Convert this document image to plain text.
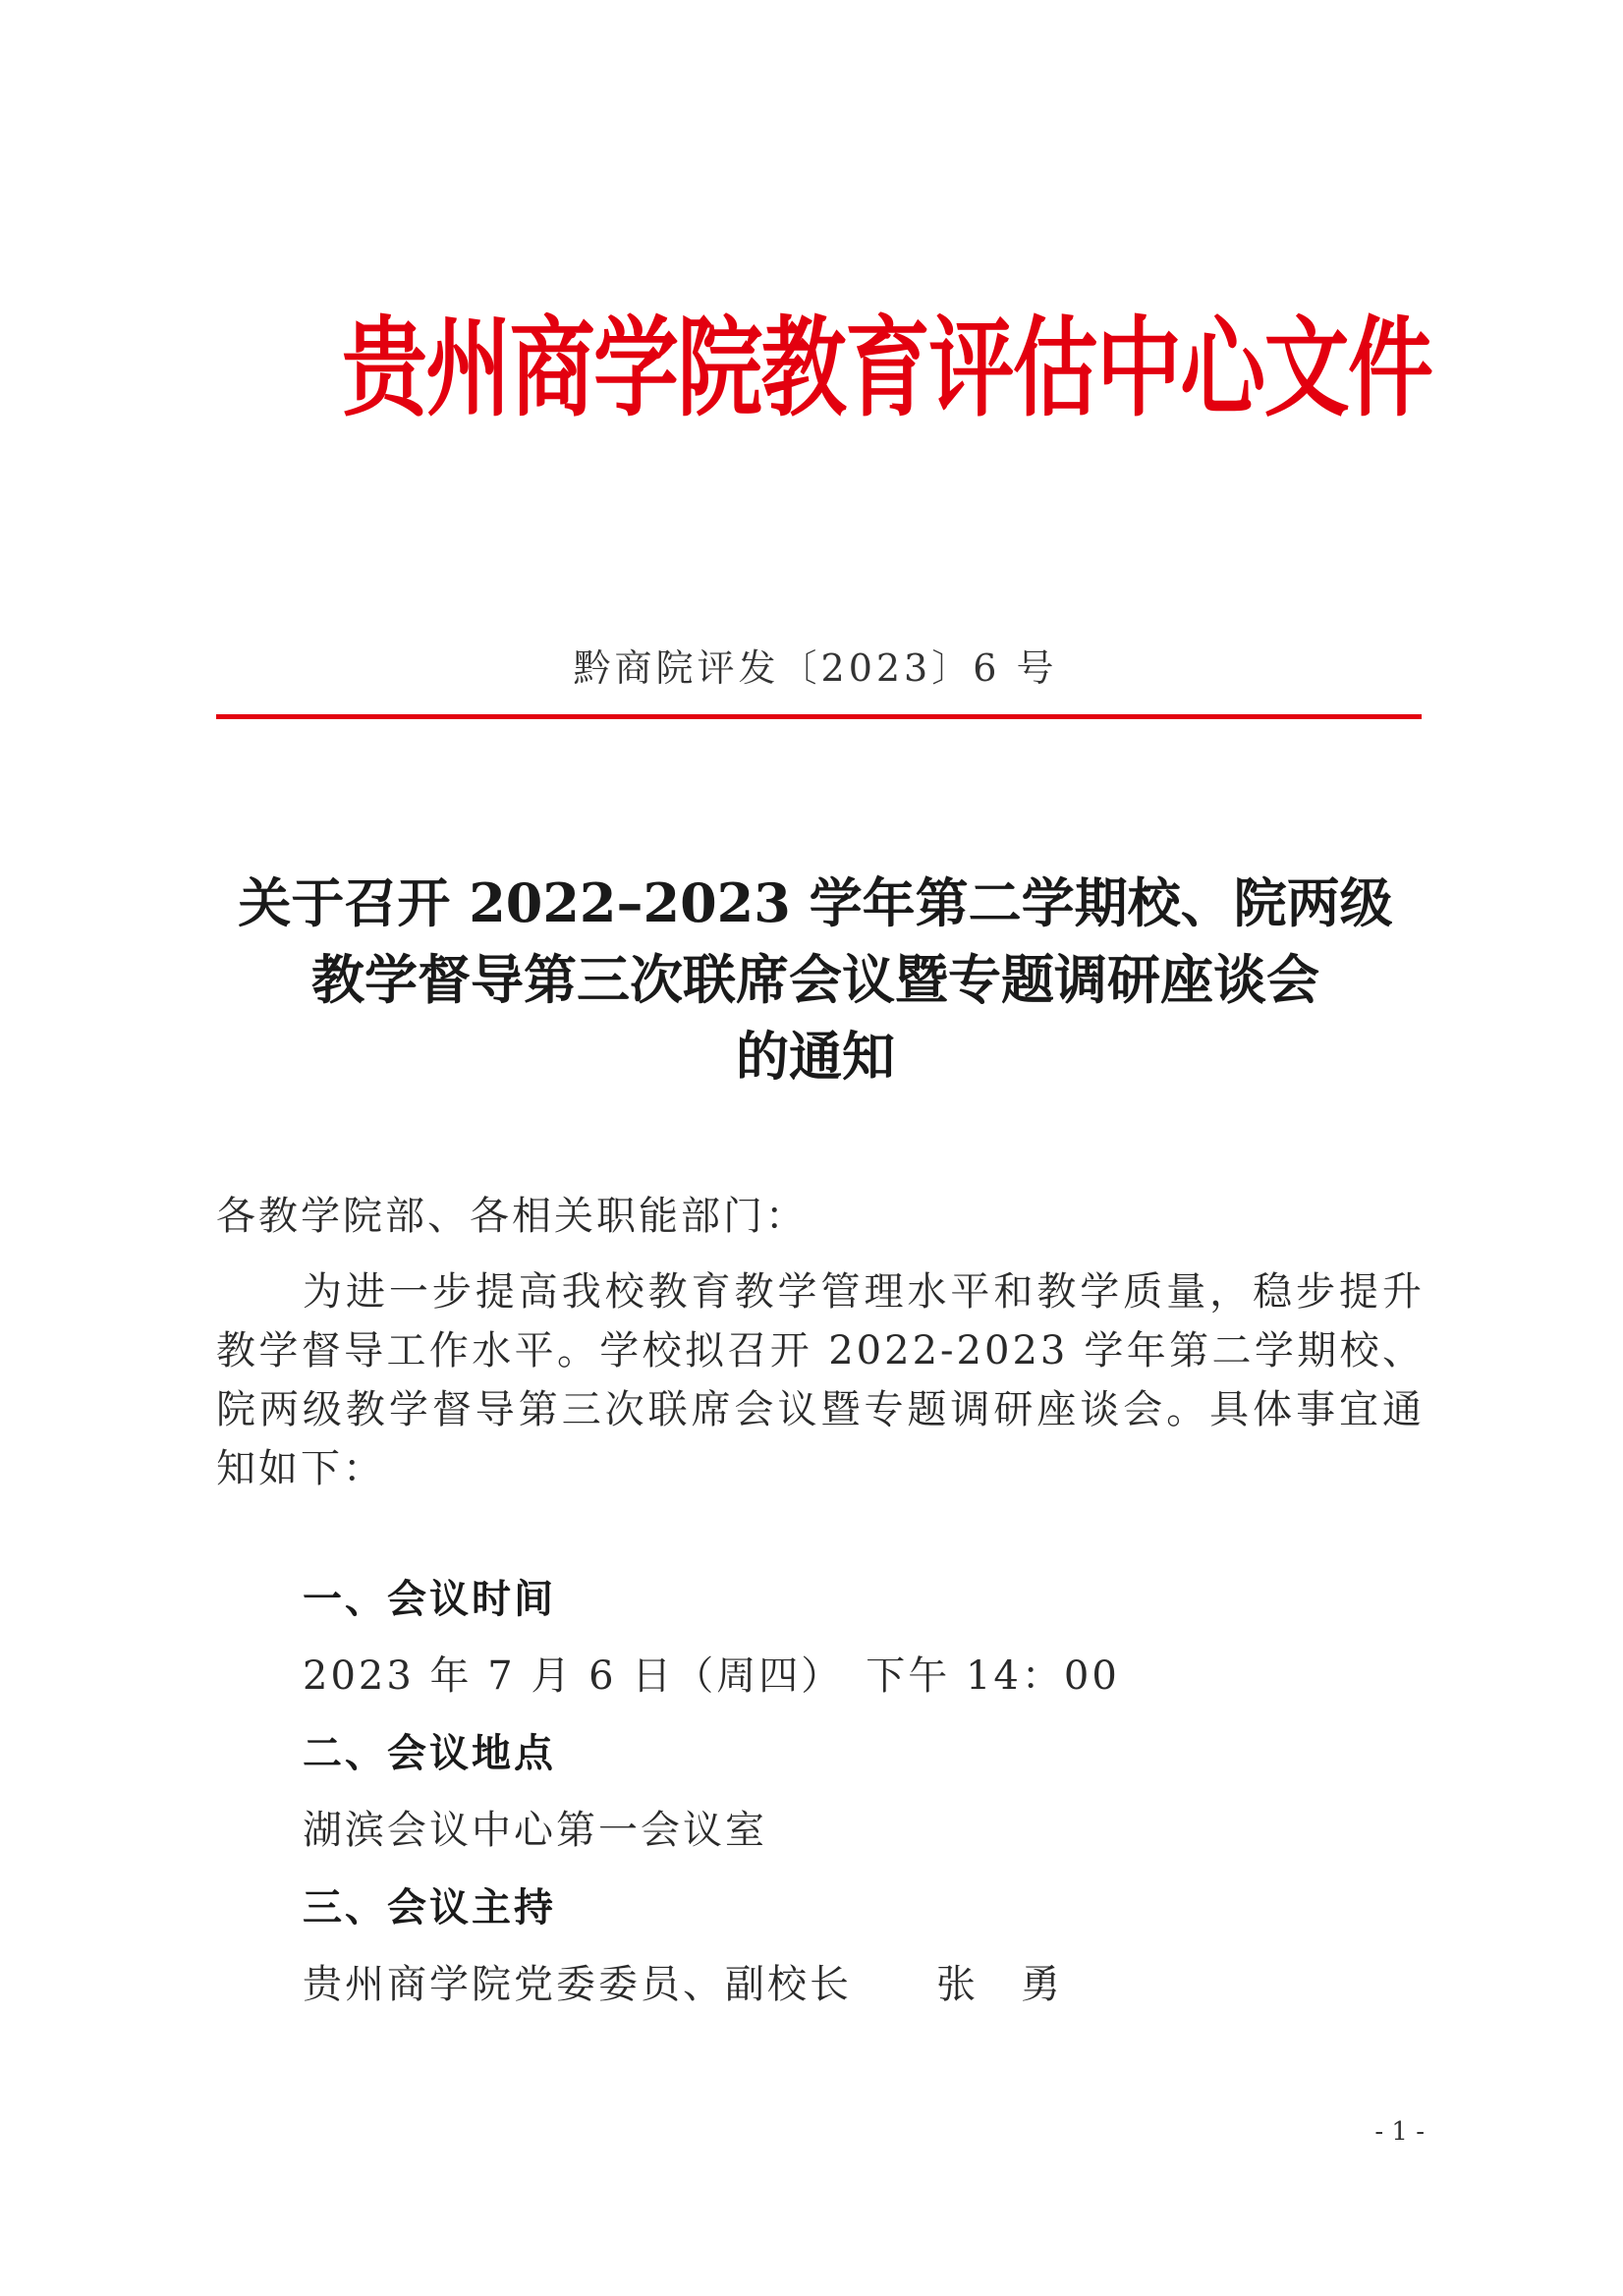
贵州商学院教育评估中心文件
黔商院评发〔2023〕6 号
关于召开 2022–2023 学年第二学期校、院两级
教学督导第三次联席会议暨专题调研座谈会
的通知
各教学院部、各相关职能部门：
为进一步提高我校教育教学管理水平和教学质量，稳步提升教学督导工作水平。学校拟召开 2022-2023 学年第二学期校、院两级教学督导第三次联席会议暨专题调研座谈会。具体事宜通知如下：
一、会议时间
2023 年 7 月 6 日（周四）　下午 14：00
二、会议地点
湖滨会议中心第一会议室
三、会议主持
贵州商学院党委委员、副校长　　张　勇
- 1 -
